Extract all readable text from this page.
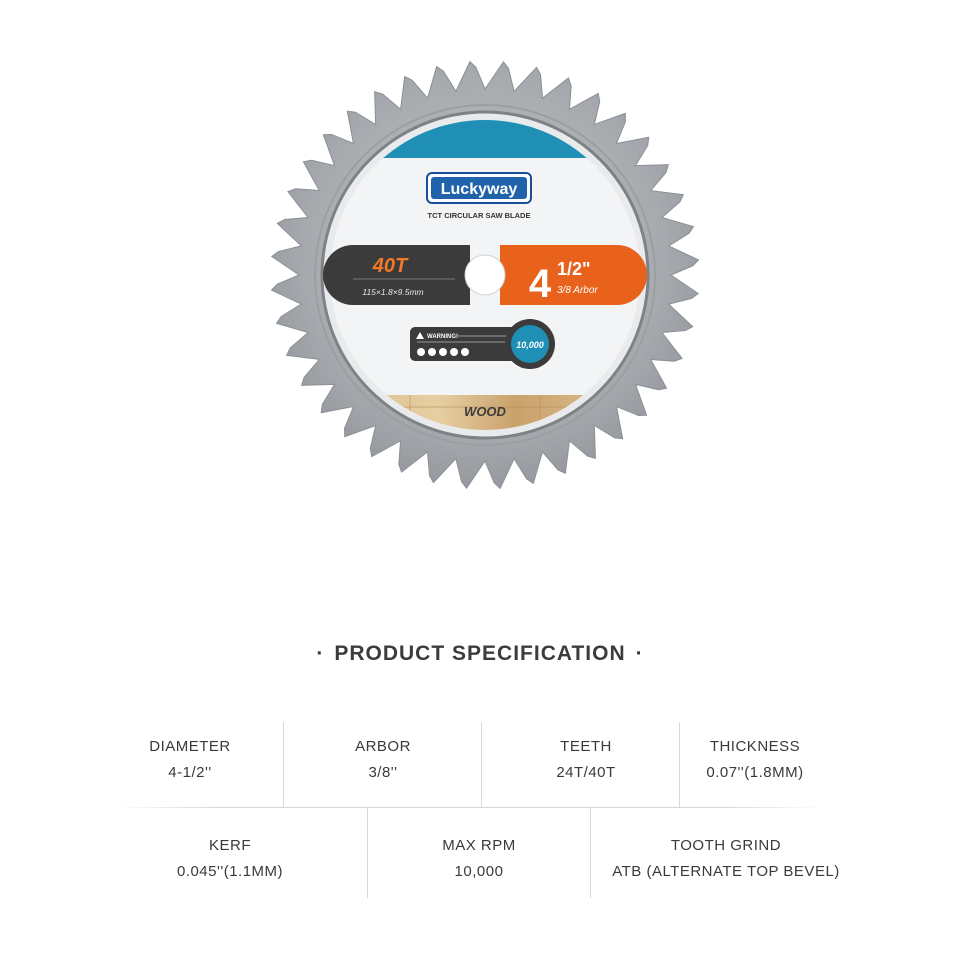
Luckyway
TCT CIRCULAR SAW BLADE
40T
115×1.8×9.5mm	4 1/2"
3/8 Arbor
WARNING!
10,000
WOOD
· PRODUCT SPECIFICATION ·
DIAMETER
4-1/2''
ARBOR
3/8''
TEETH
24T/40T
THICKNESS
0.07''(1.8MM)
KERF
0.045''(1.1MM)
MAX RPM
10,000
TOOTH GRIND
ATB (ALTERNATE TOP BEVEL)
